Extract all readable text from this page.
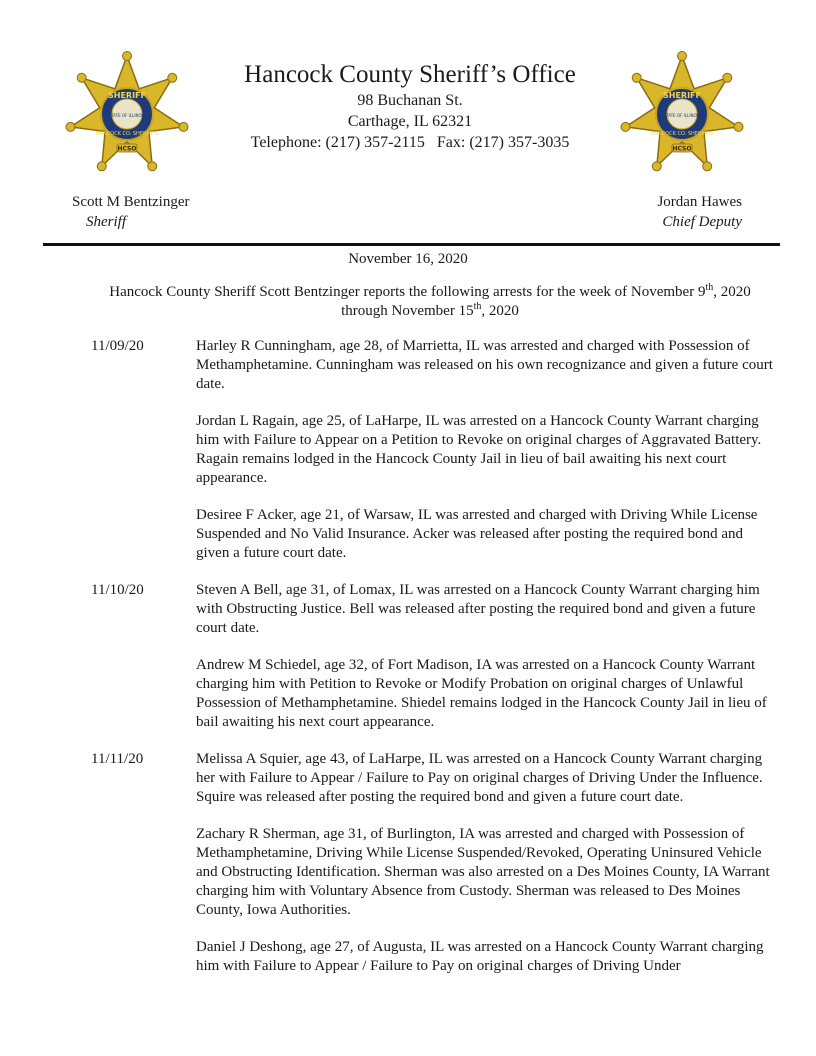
SHERIFF
STATE OF ILLINOIS
HANCOCK CO. SHERIFF'S
HCSO
SHERIFF
STATE OF ILLINOIS
HANCOCK CO. SHERIFF'S
HCSO
Hancock County Sheriff’s Office
98 Buchanan St.
Carthage, IL 62321
Telephone: (217) 357-2115   Fax: (217) 357-3035
Scott M Bentzinger
Sheriff
Jordan Hawes
Chief Deputy
November 16, 2020
Hancock County Sheriff Scott Bentzinger reports the following arrests for the week of November 9th, 2020 through November 15th, 2020
11/09/20	Harley R Cunningham, age 28, of Marrietta, IL was arrested and charged with Possession of Methamphetamine. Cunningham was released on his own recognizance and given a future court date.
Jordan L Ragain, age 25, of LaHarpe, IL was arrested on a Hancock County Warrant charging him with Failure to Appear on a Petition to Revoke on original charges of Aggravated Battery. Ragain remains lodged in the Hancock County Jail in lieu of bail awaiting his next court appearance.
Desiree F Acker, age 21, of Warsaw, IL was arrested and charged with Driving While License Suspended and No Valid Insurance. Acker was released after posting the required bond and given a future court date.
11/10/20	Steven A Bell, age 31, of Lomax, IL was arrested on a Hancock County Warrant charging him with Obstructing Justice. Bell was released after posting the required bond and given a future court date.
Andrew M Schiedel, age 32, of Fort Madison, IA was arrested on a Hancock County Warrant charging him with Petition to Revoke or Modify Probation on original charges of Unlawful Possession of Methamphetamine. Shiedel remains lodged in the Hancock County Jail in lieu of bail awaiting his next court appearance.
11/11/20	Melissa A Squier, age 43, of LaHarpe, IL was arrested on a Hancock County Warrant charging her with Failure to Appear / Failure to Pay on original charges of Driving Under the Influence. Squire was released after posting the required bond and given a future court date.
Zachary R Sherman, age 31, of Burlington, IA was arrested and charged with Possession of Methamphetamine, Driving While License Suspended/Revoked, Operating Uninsured Vehicle and Obstructing Identification. Sherman was also arrested on a Des Moines County, IA Warrant charging him with Voluntary Absence from Custody. Sherman was released to Des Moines County, Iowa Authorities.
Daniel J Deshong, age 27, of Augusta, IL was arrested on a Hancock County Warrant charging him with Failure to Appear / Failure to Pay on original charges of Driving Under
